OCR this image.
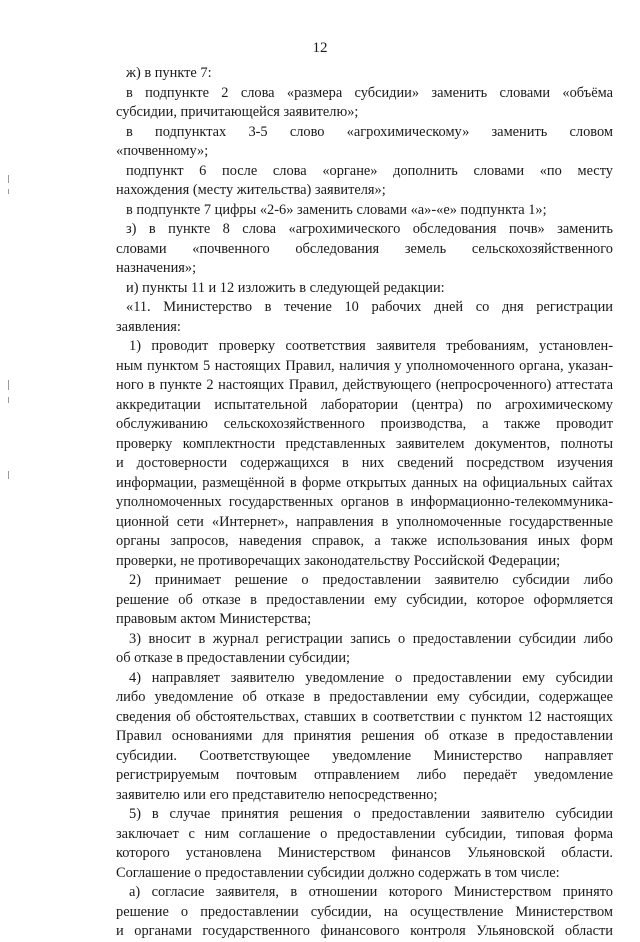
12
ж) в пункте 7:
в подпункте 2 слова «размера субсидии» заменить словами «объёма
субсидии, причитающейся заявителю»;
в подпунктах 3-5 слово «агрохимическому» заменить словом
«почвенному»;
подпункт 6 после слова «органе» дополнить словами «по месту
нахождения (месту жительства) заявителя»;
в подпункте 7 цифры «2-6» заменить словами «а»-«е» подпункта 1»;
з) в пункте 8 слова «агрохимического обследования почв» заменить
словами «почвенного обследования земель сельскохозяйственного
назначения»;
и) пункты 11 и 12 изложить в следующей редакции:
«11. Министерство в течение 10 рабочих дней со дня регистрации
заявления:
1) проводит проверку соответствия заявителя требованиям, установлен-
ным пунктом 5 настоящих Правил, наличия у уполномоченного органа, указан-
ного в пункте 2 настоящих Правил, действующего (непросроченного) аттестата
аккредитации испытательной лаборатории (центра) по агрохимическому
обслуживанию сельскохозяйственного производства, а также проводит
проверку комплектности представленных заявителем документов, полноты
и достоверности содержащихся в них сведений посредством изучения
информации, размещённой в форме открытых данных на официальных сайтах
уполномоченных государственных органов в информационно-телекоммуника-
ционной сети «Интернет», направления в уполномоченные государственные
органы запросов, наведения справок, а также использования иных форм
проверки, не противоречащих законодательству Российской Федерации;
2) принимает решение о предоставлении заявителю субсидии либо
решение об отказе в предоставлении ему субсидии, которое оформляется
правовым актом Министерства;
3) вносит в журнал регистрации запись о предоставлении субсидии либо
об отказе в предоставлении субсидии;
4) направляет заявителю уведомление о предоставлении ему субсидии
либо уведомление об отказе в предоставлении ему субсидии, содержащее
сведения об обстоятельствах, ставших в соответствии с пунктом 12 настоящих
Правил основаниями для принятия решения об отказе в предоставлении
субсидии. Соответствующее уведомление Министерство направляет
регистрируемым почтовым отправлением либо передаёт уведомление
заявителю или его представителю непосредственно;
5) в случае принятия решения о предоставлении заявителю субсидии
заключает с ним соглашение о предоставлении субсидии, типовая форма
которого установлена Министерством финансов Ульяновской области.
Соглашение о предоставлении субсидии должно содержать в том числе:
а) согласие заявителя, в отношении которого Министерством принято
решение о предоставлении субсидии, на осуществление Министерством
и органами государственного финансового контроля Ульяновской области
